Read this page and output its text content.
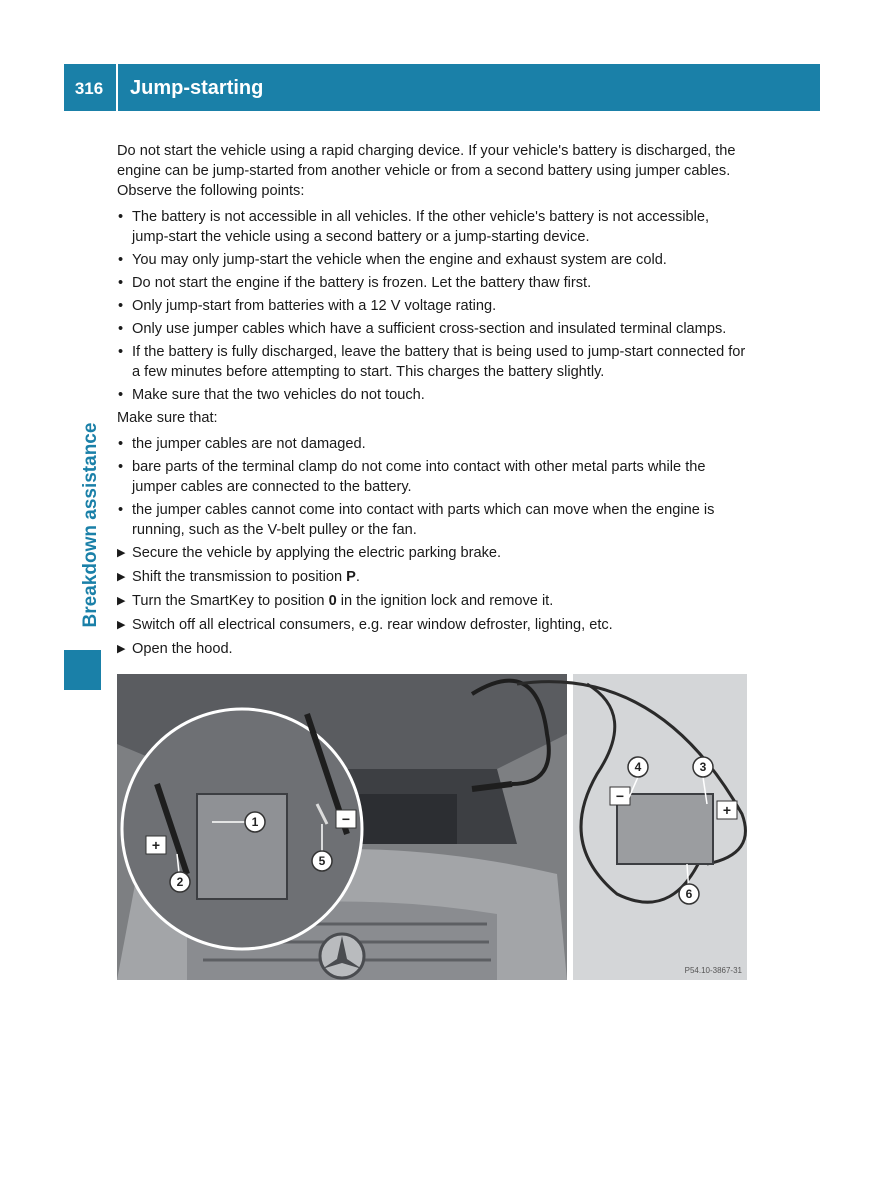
316	Jump-starting
Breakdown assistance

Do not start the vehicle using a rapid charging device. If your vehicle's battery is discharged, the engine can be jump-started from another vehicle or from a second battery using jumper cables. Observe the following points:

• The battery is not accessible in all vehicles. If the other vehicle's battery is not accessible, jump-start the vehicle using a second battery or a jump-starting device.
• You may only jump-start the vehicle when the engine and exhaust system are cold.
• Do not start the engine if the battery is frozen. Let the battery thaw first.
• Only jump-start from batteries with a 12 V voltage rating.
• Only use jumper cables which have a sufficient cross-section and insulated terminal clamps.
• If the battery is fully discharged, leave the battery that is being used to jump-start connected for a few minutes before attempting to start. This charges the battery slightly.
• Make sure that the two vehicles do not touch.

Make sure that:

• the jumper cables are not damaged.
• bare parts of the terminal clamp do not come into contact with other metal parts while the jumper cables are connected to the battery.
• the jumper cables cannot come into contact with parts which can move when the engine is running, such as the V-belt pulley or the fan.
▶ Secure the vehicle by applying the electric parking brake.
▶ Shift the transmission to position P.
▶ Turn the SmartKey to position 0 in the ignition lock and remove it.
▶ Switch off all electrical consumers, e.g. rear window defroster, lighting, etc.
▶ Open the hood.
1
2
3
4
5
6
+
−
−
+
P54.10-3867-31
